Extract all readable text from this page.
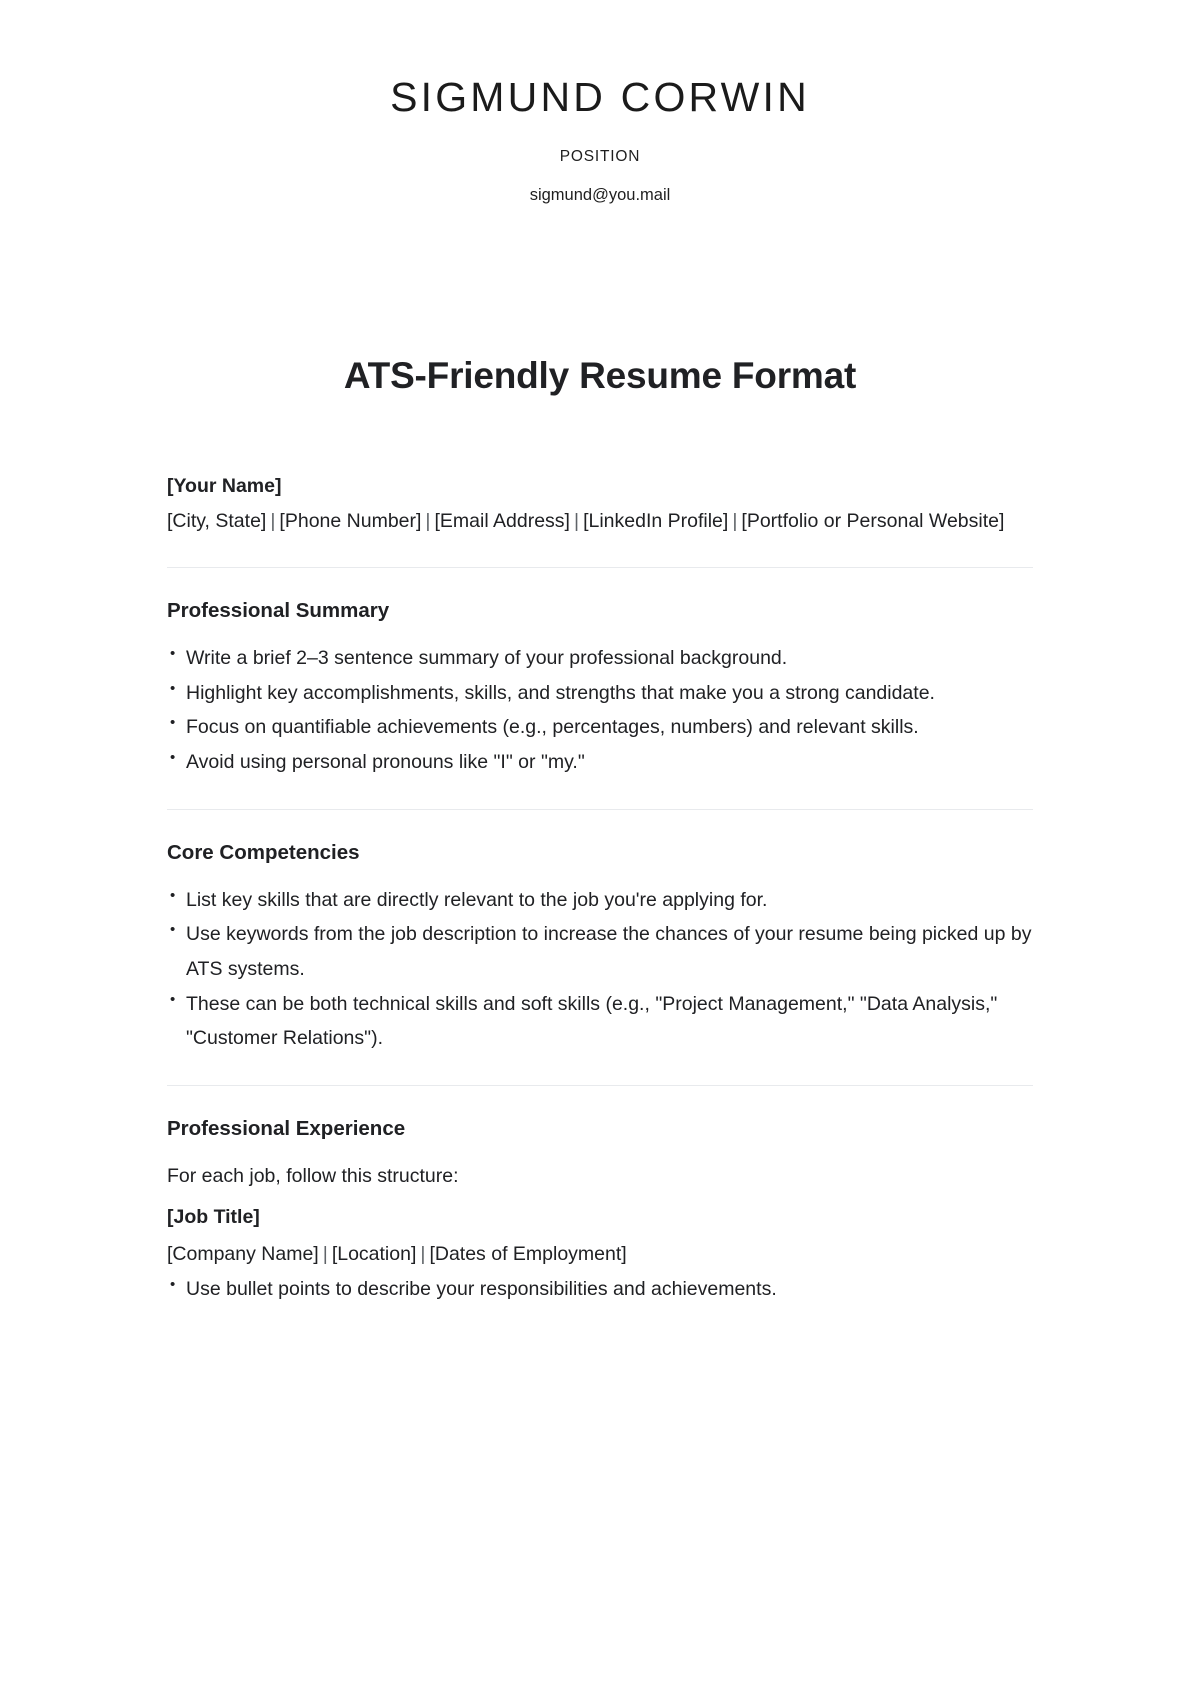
SIGMUND CORWIN
POSITION
sigmund@you.mail
ATS-Friendly Resume Format
[Your Name]
[City, State] | [Phone Number] | [Email Address] | [LinkedIn Profile] | [Portfolio or Personal Website]
Professional Summary
• Write a brief 2–3 sentence summary of your professional background.
• Highlight key accomplishments, skills, and strengths that make you a strong candidate.
• Focus on quantifiable achievements (e.g., percentages, numbers) and relevant skills.
• Avoid using personal pronouns like "I" or "my."
Core Competencies
• List key skills that are directly relevant to the job you're applying for.
• Use keywords from the job description to increase the chances of your resume being picked up by ATS systems.
• These can be both technical skills and soft skills (e.g., "Project Management," "Data Analysis," "Customer Relations").
Professional Experience
For each job, follow this structure:
[Job Title]
[Company Name] | [Location] | [Dates of Employment]
• Use bullet points to describe your responsibilities and achievements.
